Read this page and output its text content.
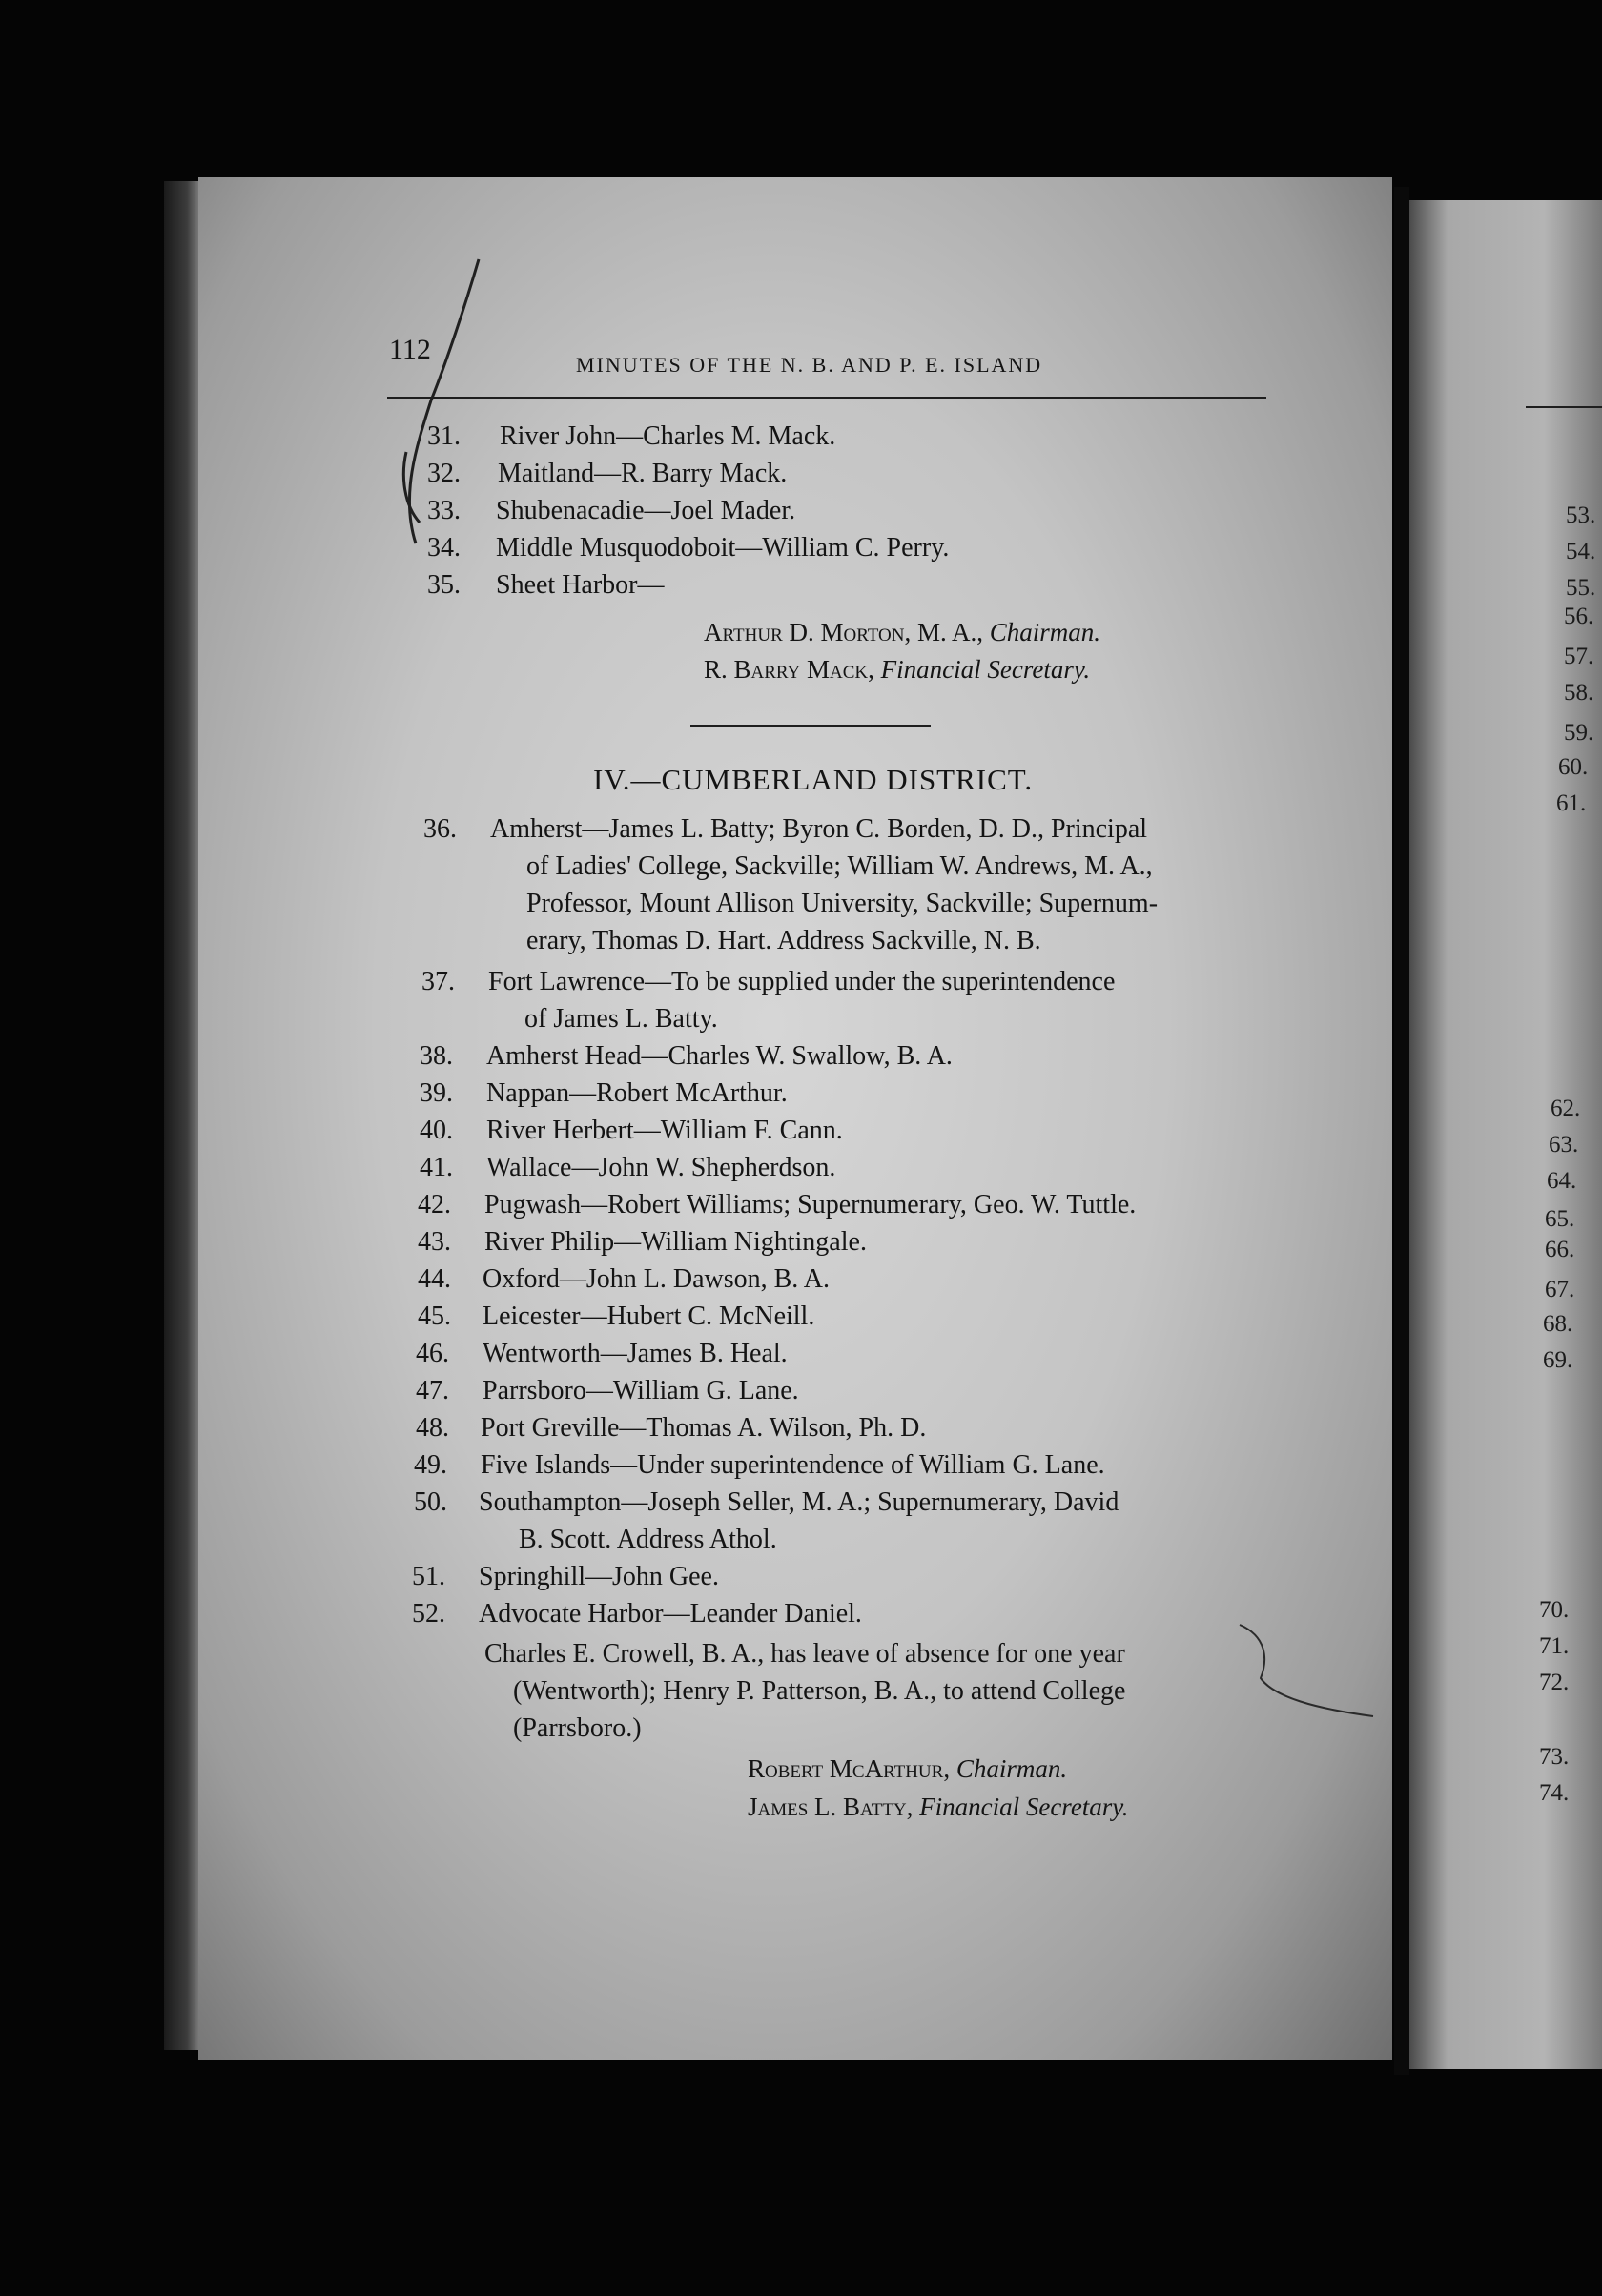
112	MINUTES OF THE N. B. AND P. E. ISLAND
31. River John—Charles M. Mack.
32. Maitland—R. Barry Mack.
33. Shubenacadie—Joel Mader.
34. Middle Musquodoboit—William C. Perry.
35. Sheet Harbor—
Arthur D. Morton, M. A., Chairman.
R. Barry Mack, Financial Secretary.
IV.—CUMBERLAND DISTRICT.
36. Amherst—James L. Batty; Byron C. Borden, D. D., Principal
of Ladies' College, Sackville; William W. Andrews, M. A.,
Professor, Mount Allison University, Sackville; Supernum-
erary, Thomas D. Hart. Address Sackville, N. B.
37. Fort Lawrence—To be supplied under the superintendence
of James L. Batty.
38. Amherst Head—Charles W. Swallow, B. A.
39. Nappan—Robert McArthur.
40. River Herbert—William F. Cann.
41. Wallace—John W. Shepherdson.
42. Pugwash—Robert Williams; Supernumerary, Geo. W. Tuttle.
43. River Philip—William Nightingale.
44. Oxford—John L. Dawson, B. A.
45. Leicester—Hubert C. McNeill.
46. Wentworth—James B. Heal.
47. Parrsboro—William G. Lane.
48. Port Greville—Thomas A. Wilson, Ph. D.
49. Five Islands—Under superintendence of William G. Lane.
50. Southampton—Joseph Seller, M. A.; Supernumerary, David
B. Scott. Address Athol.
51. Springhill—John Gee.
52. Advocate Harbor—Leander Daniel.
Charles E. Crowell, B. A., has leave of absence for one year
(Wentworth); Henry P. Patterson, B. A., to attend College
(Parrsboro.)
Robert McArthur, Chairman.
James L. Batty, Financial Secretary.
53.
54.
55.
56.
57.
58.
59.
60.
61.
62.
63.
64.
65.
66.
67.
68.
69.
70.
71.
72.
73.
74.
